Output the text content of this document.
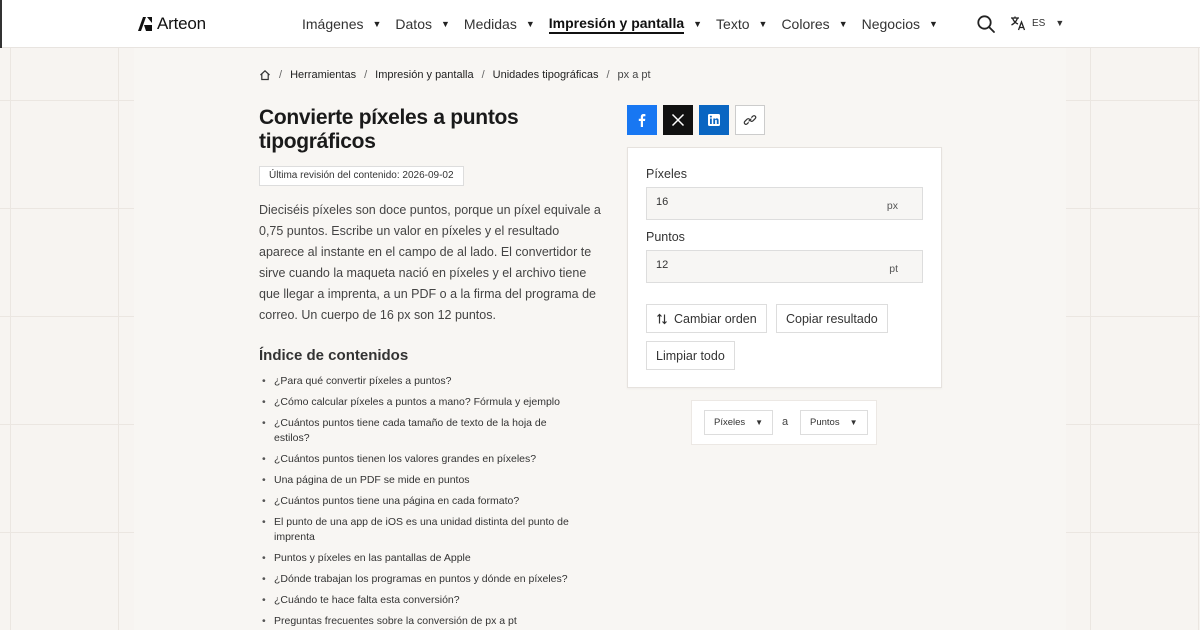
Arteon	Imágenes ▼ Datos ▼ Medidas ▼ Impresión y pantalla ▼ Texto ▼ Colores ▼ Negocios ▼	ES ▼
/ Herramientas / Impresión y pantalla / Unidades tipográficas / px a pt
Convierte píxeles a puntos tipográficos
Última revisión del contenido: 2026-09-02

Dieciséis píxeles son doce puntos, porque un píxel equivale a 0,75 puntos. Escribe un valor en píxeles y el resultado aparece al instante en el campo de al lado. El convertidor te sirve cuando la maqueta nació en píxeles y el archivo tiene que llegar a imprenta, a un PDF o a la firma del programa de correo. Un cuerpo de 16 px son 12 puntos.

Índice de contenidos
• ¿Para qué convertir píxeles a puntos?
• ¿Cómo calcular píxeles a puntos a mano? Fórmula y ejemplo
• ¿Cuántos puntos tiene cada tamaño de texto de la hoja de estilos?
• ¿Cuántos puntos tienen los valores grandes en píxeles?
• Una página de un PDF se mide en puntos
• ¿Cuántos puntos tiene una página en cada formato?
• El punto de una app de iOS es una unidad distinta del punto de imprenta
• Puntos y píxeles en las pantallas de Apple
• ¿Dónde trabajan los programas en puntos y dónde en píxeles?
• ¿Cuándo te hace falta esta conversión?
• Preguntas frecuentes sobre la conversión de px a pt
Píxeles
16
px
Puntos
12
pt
Cambiar orden Copiar resultado
Limpiar todo
Píxeles ▼ a Puntos ▼
